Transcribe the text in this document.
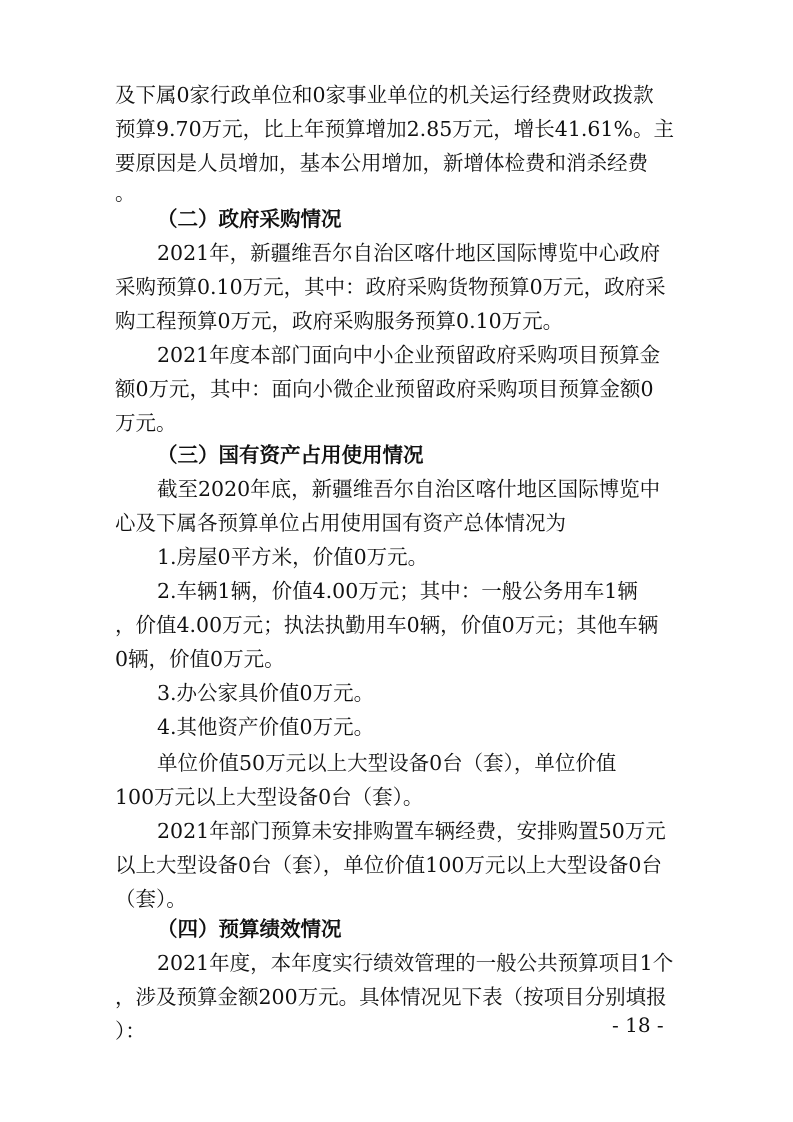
及下属0家行政单位和0家事业单位的机关运行经费财政拨款

预算9.70万元，比上年预算增加2.85万元，增长41.61%。主

要原因是人员增加，基本公用增加，新增体检费和消杀经费

。

（二）政府采购情况

2021年，新疆维吾尔自治区喀什地区国际博览中心政府

采购预算0.10万元，其中：政府采购货物预算0万元，政府采

购工程预算0万元，政府采购服务预算0.10万元。

2021年度本部门面向中小企业预留政府采购项目预算金

额0万元，其中：面向小微企业预留政府采购项目预算金额0

万元。

（三）国有资产占用使用情况

截至2020年底，新疆维吾尔自治区喀什地区国际博览中

心及下属各预算单位占用使用国有资产总体情况为

1.房屋0平方米，价值0万元。

2.车辆1辆，价值4.00万元；其中：一般公务用车1辆

，价值4.00万元；执法执勤用车0辆，价值0万元；其他车辆

0辆，价值0万元。

3.办公家具价值0万元。

4.其他资产价值0万元。

单位价值50万元以上大型设备0台（套），单位价值

100万元以上大型设备0台（套）。

2021年部门预算未安排购置车辆经费，安排购置50万元

以上大型设备0台（套），单位价值100万元以上大型设备0台

（套）。

（四）预算绩效情况

2021年度，本年度实行绩效管理的一般公共预算项目1个

，涉及预算金额200万元。具体情况见下表（按项目分别填报

）：	- 18 -
